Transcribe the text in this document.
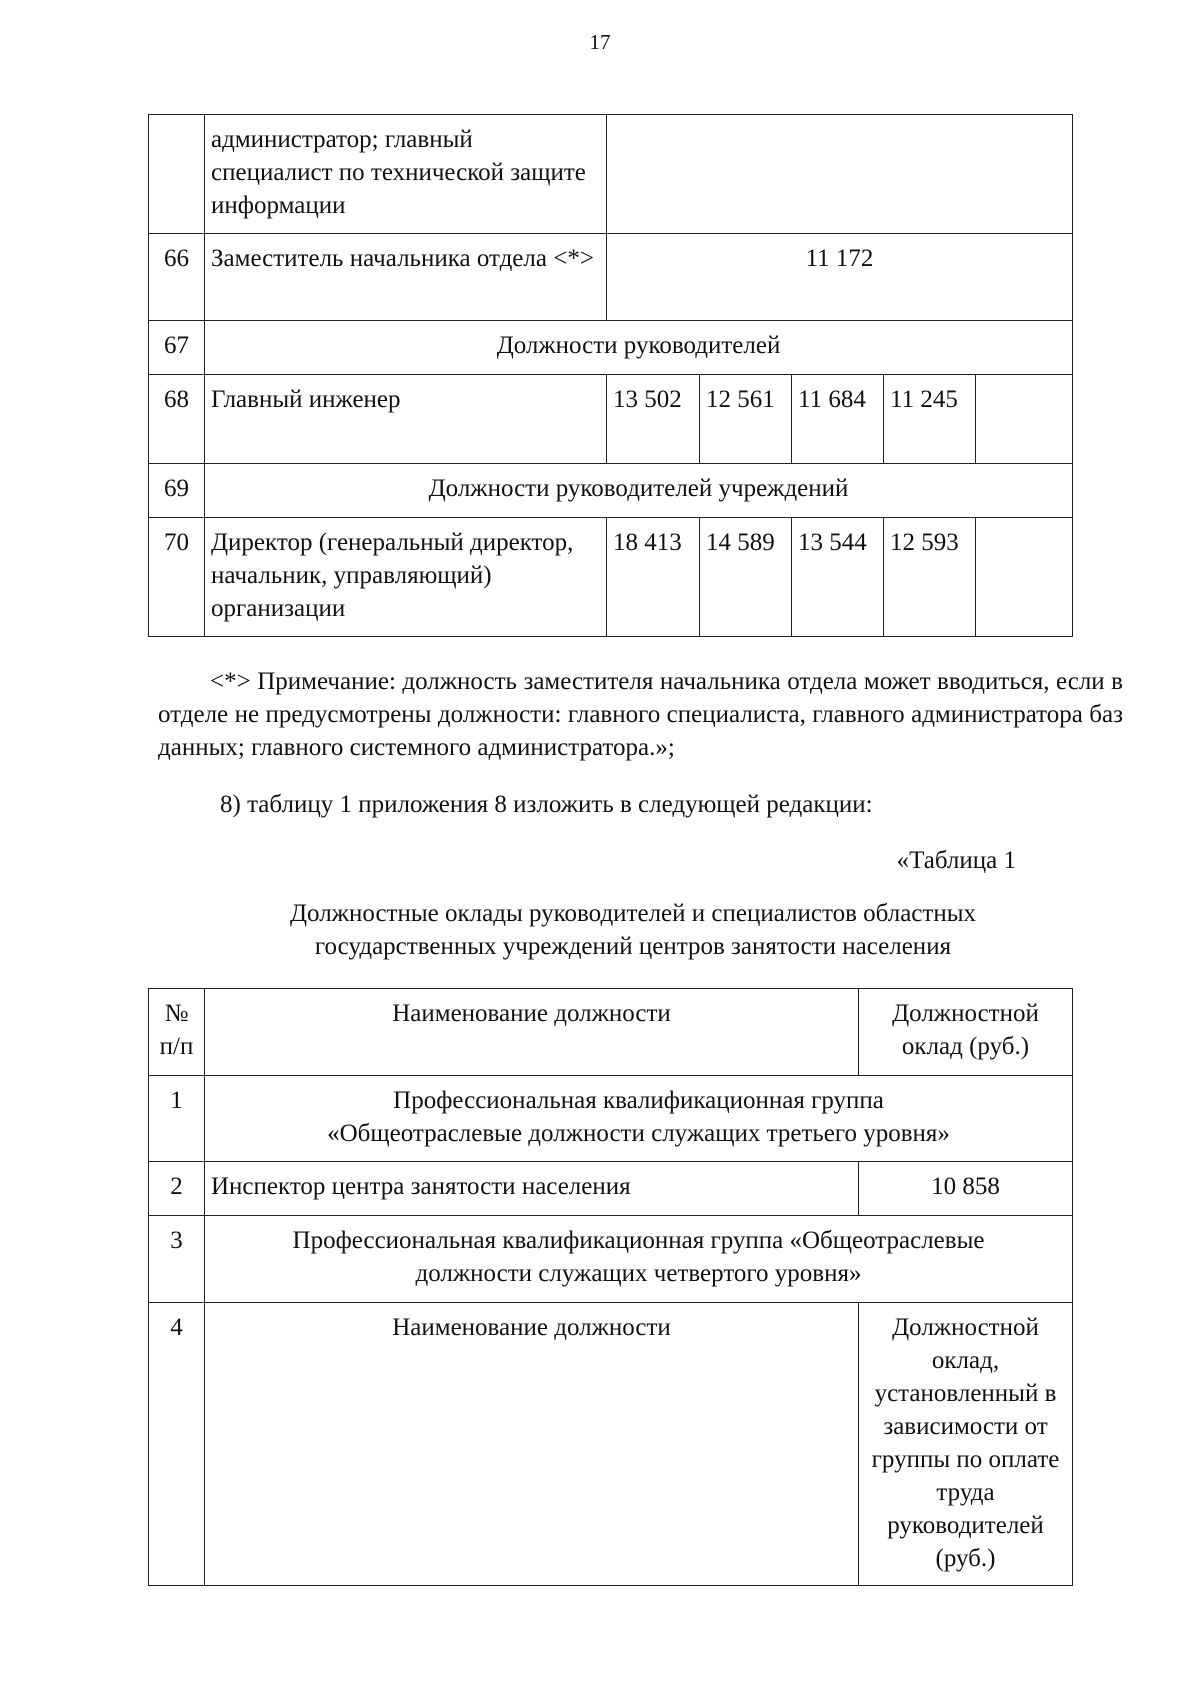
17
	администратор; главный специалист по технической защите информации					
66	Заместитель начальника отдела <*>	11 172				
67	Должности руководителей					
68	Главный инженер	13 502	12 561	11 684	11 245	
69	Должности руководителей учреждений					
70	Директор (генеральный директор, начальник, управляющий) организации	18 413	14 589	13 544	12 593	
<*> Примечание: должность заместителя начальника отдела может вводиться, если в отделе не предусмотрены должности: главного специалиста, главного администратора баз данных; главного системного администратора.»;
8) таблицу 1 приложения 8 изложить в следующей редакции:
«Таблица 1
Должностные оклады руководителей и специалистов областных
государственных учреждений центров занятости населения
№ п/п	Наименование должности	Должностной оклад (руб.)
1	Профессиональная квалификационная группа
«Общеотраслевые должности служащих третьего уровня»	

2	Инспектор центра занятости населения	10 858
3	Профессиональная квалификационная группа «Общеотраслевые
должности служащих четвертого уровня»	

4	Наименование должности	Должностной оклад, установленный в зависимости от группы по оплате труда руководителей (руб.)
